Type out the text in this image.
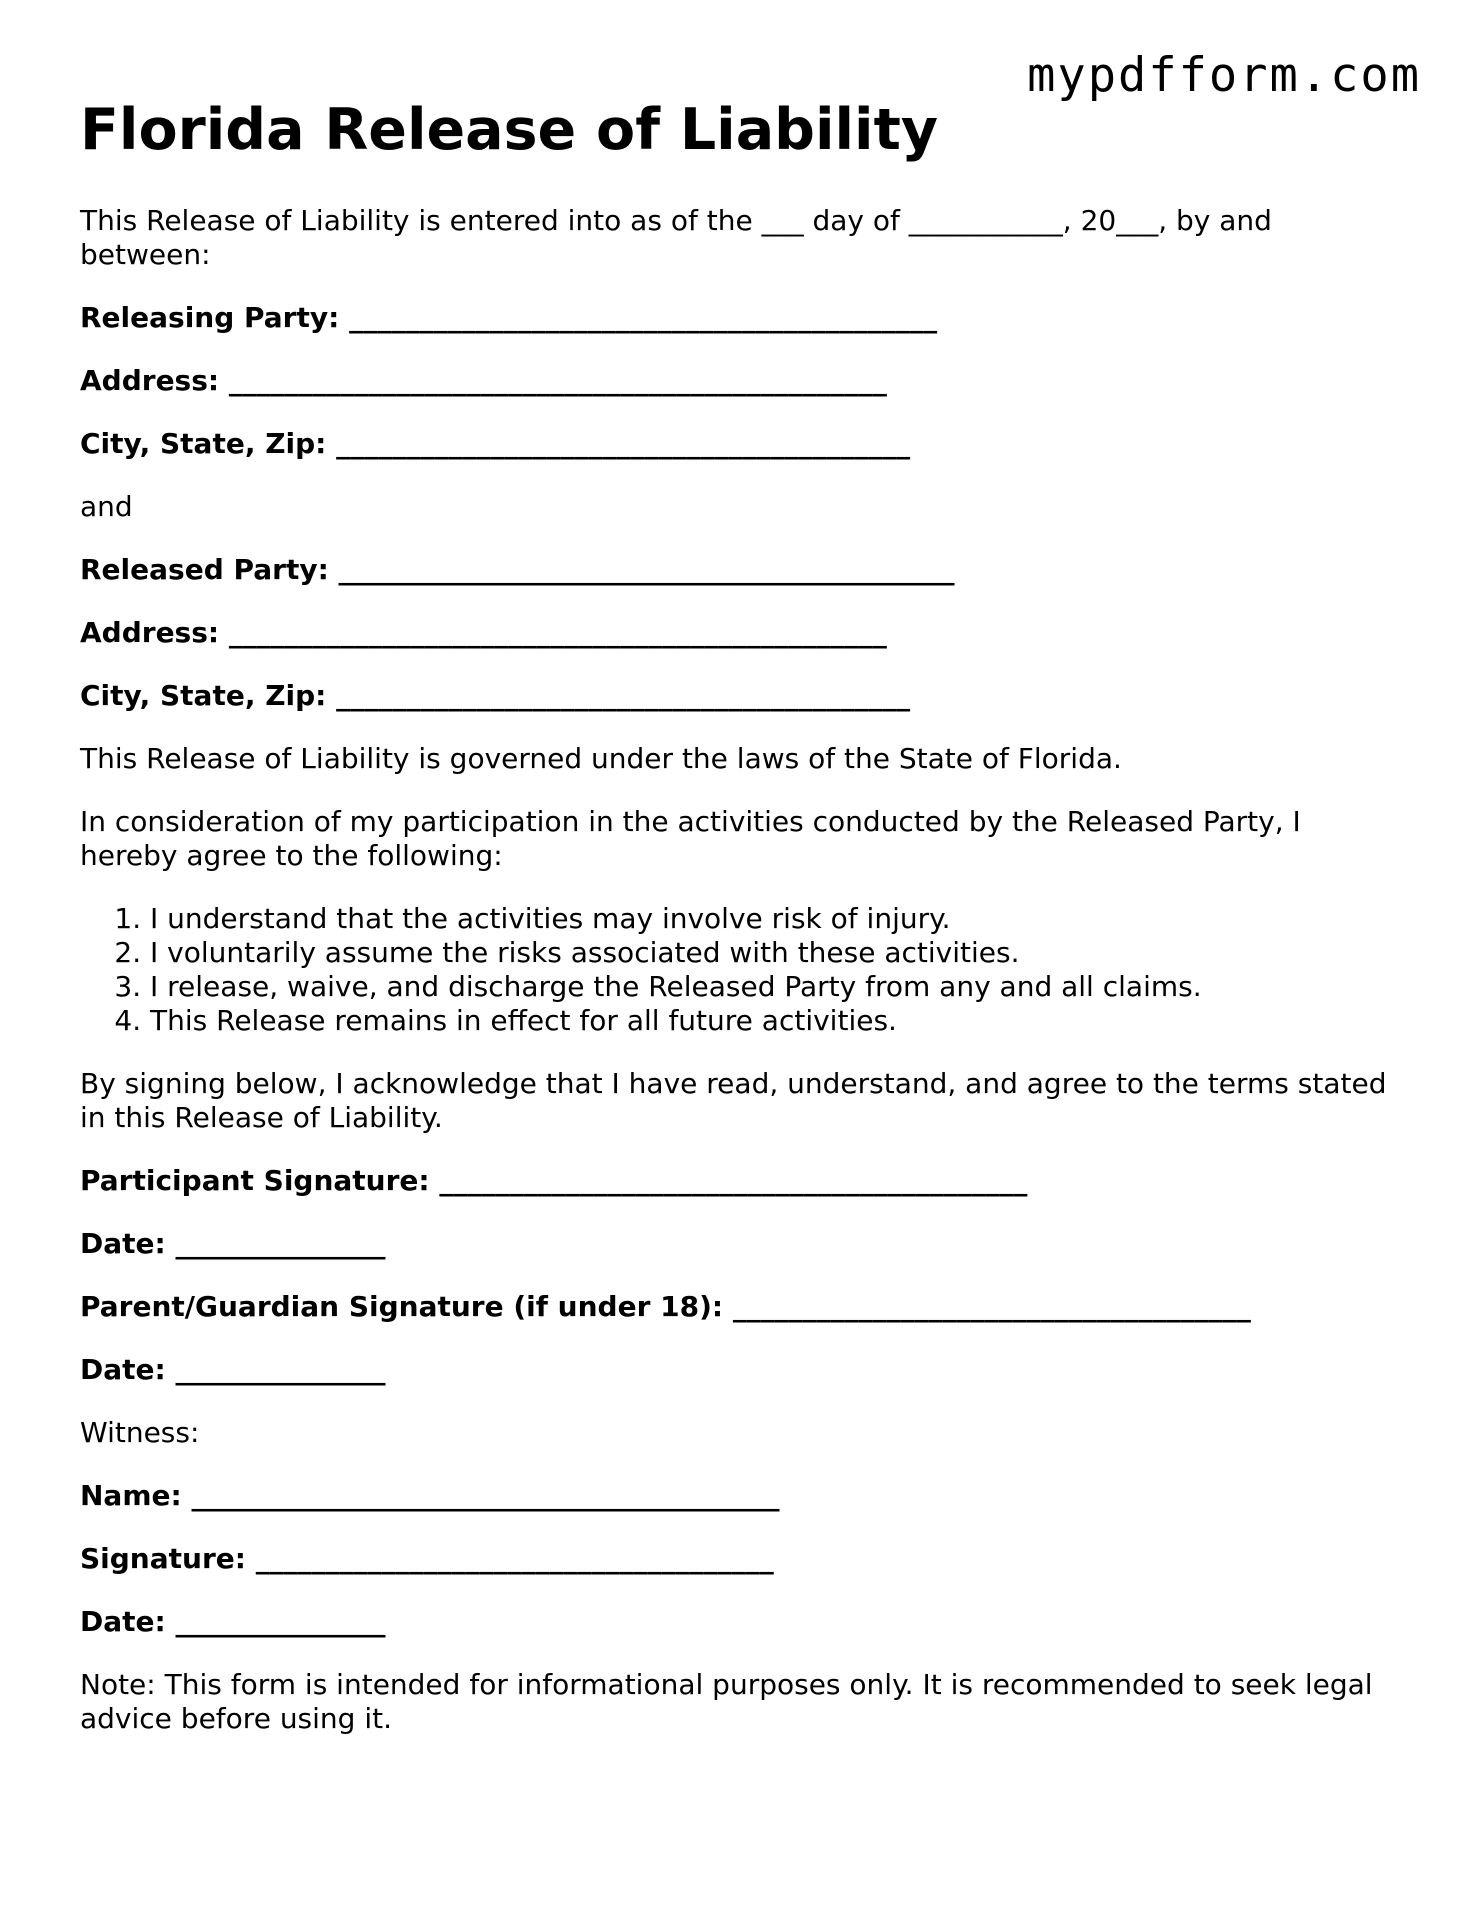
mypdfform.com
Florida Release of Liability

This Release of Liability is entered into as of the ___ day of ___________, 20___, by and between:

Releasing Party: __________________________________________
Address: _______________________________________________
City, State, Zip: _________________________________________

and

Released Party: ____________________________________________
Address: _______________________________________________
City, State, Zip: _________________________________________

This Release of Liability is governed under the laws of the State of Florida.

In consideration of my participation in the activities conducted by the Released Party, I hereby agree to the following:

1. I understand that the activities may involve risk of injury.
2. I voluntarily assume the risks associated with these activities.
3. I release, waive, and discharge the Released Party from any and all claims.
4. This Release remains in effect for all future activities.

By signing below, I acknowledge that I have read, understand, and agree to the terms stated in this Release of Liability.

Participant Signature: __________________________________________
Date: _______________
Parent/Guardian Signature (if under 18): _____________________________________
Date: _______________

Witness:

Name: __________________________________________
Signature: _____________________________________
Date: _______________

Note: This form is intended for informational purposes only. It is recommended to seek legal advice before using it.
